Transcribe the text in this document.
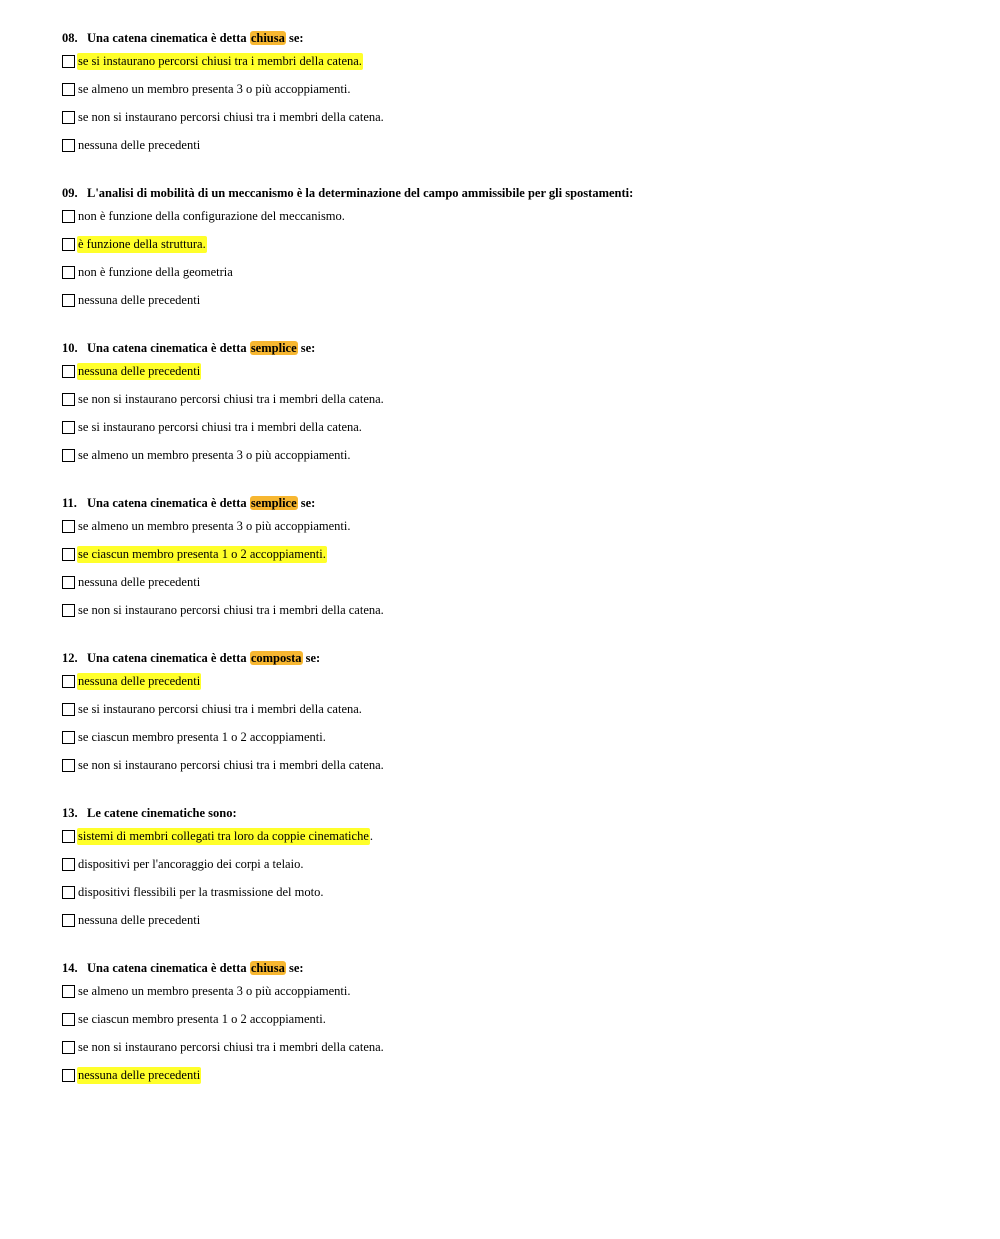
08. Una catena cinematica è detta chiusa se:
se si instaurano percorsi chiusi tra i membri della catena.
se almeno un membro presenta 3 o più accoppiamenti.
se non si instaurano percorsi chiusi tra i membri della catena.
nessuna delle precedenti
09. L'analisi di mobilità di un meccanismo è la determinazione del campo ammissibile per gli spostamenti:
non è funzione della configurazione del meccanismo.
è funzione della struttura.
non è funzione della geometria
nessuna delle precedenti
10. Una catena cinematica è detta semplice se:
nessuna delle precedenti
se non si instaurano percorsi chiusi tra i membri della catena.
se si instaurano percorsi chiusi tra i membri della catena.
se almeno un membro presenta 3 o più accoppiamenti.
11. Una catena cinematica è detta semplice se:
se almeno un membro presenta 3 o più accoppiamenti.
se ciascun membro presenta 1 o 2 accoppiamenti.
nessuna delle precedenti
se non si instaurano percorsi chiusi tra i membri della catena.
12. Una catena cinematica è detta composta se:
nessuna delle precedenti
se si instaurano percorsi chiusi tra i membri della catena.
se ciascun membro presenta 1 o 2 accoppiamenti.
se non si instaurano percorsi chiusi tra i membri della catena.
13. Le catene cinematiche sono:
sistemi di membri collegati tra loro da coppie cinematiche .
dispositivi per l'ancoraggio dei corpi a telaio.
dispositivi flessibili per la trasmissione del moto.
nessuna delle precedenti
14. Una catena cinematica è detta chiusa se:
se almeno un membro presenta 3 o più accoppiamenti.
se ciascun membro presenta 1 o 2 accoppiamenti.
se non si instaurano percorsi chiusi tra i membri della catena.
nessuna delle precedenti
